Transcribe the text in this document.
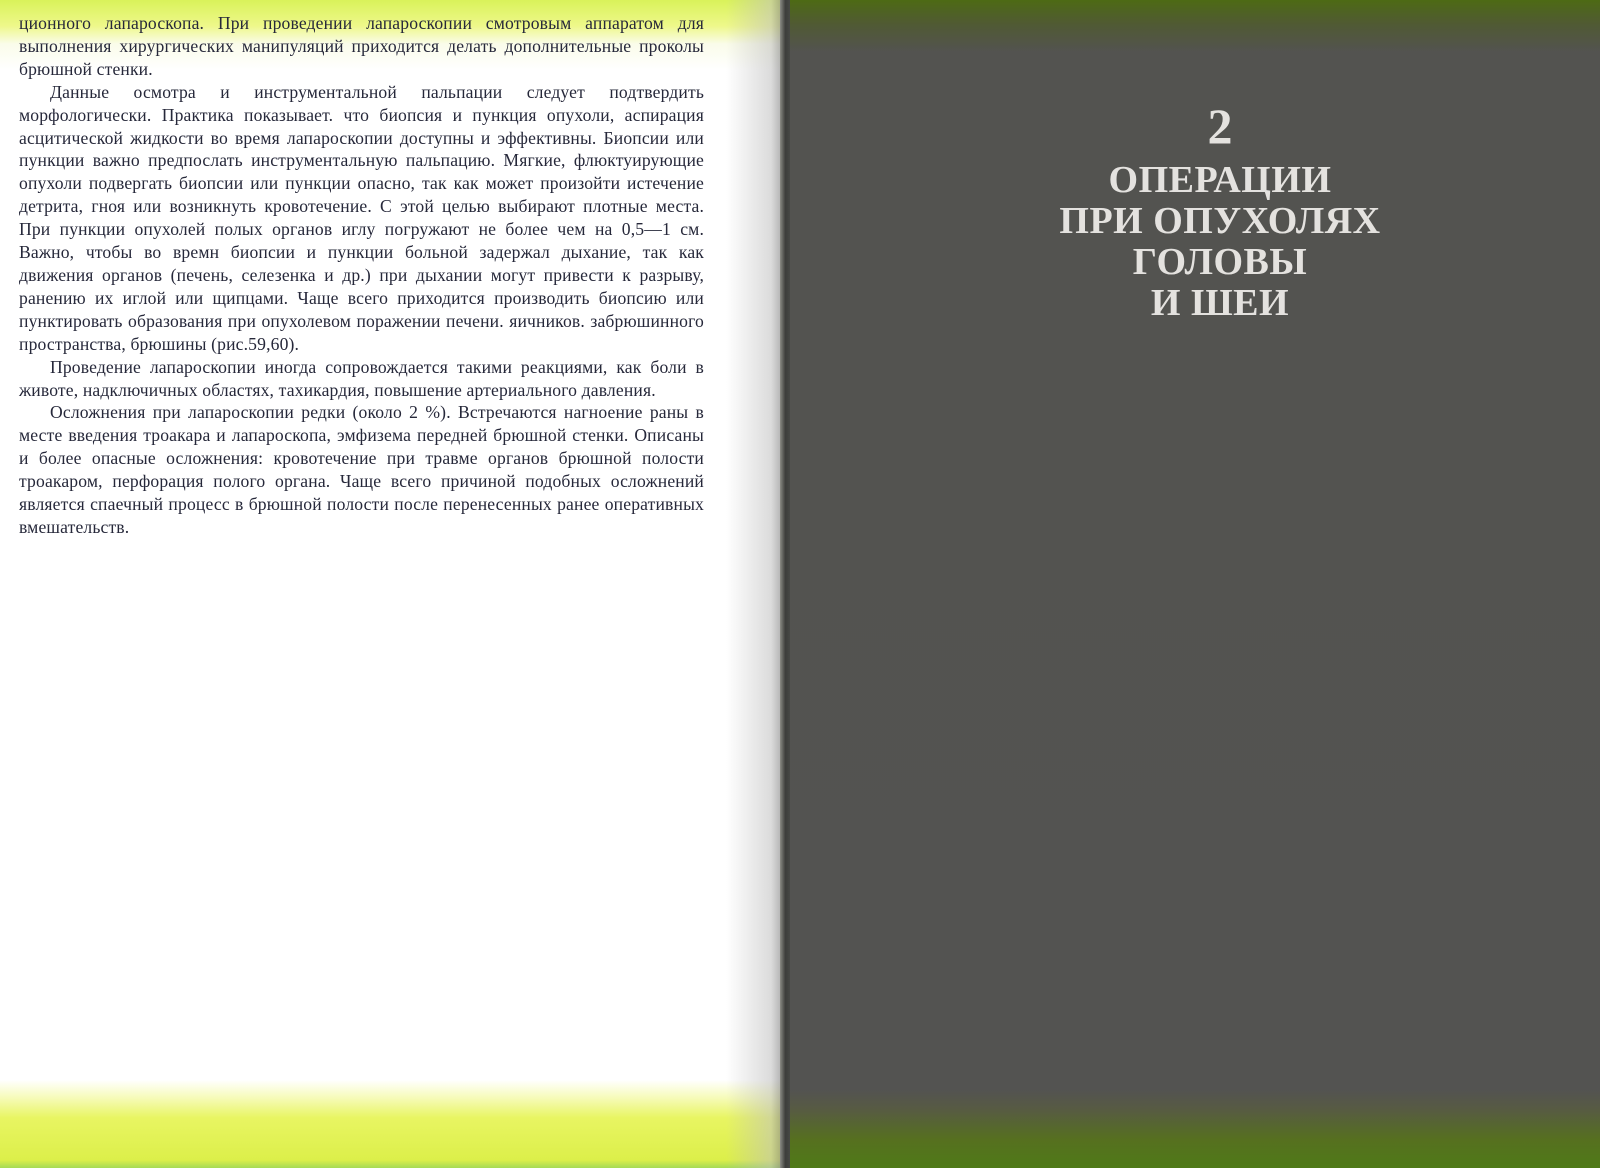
ционного лапароскопа. При проведении лапароскопии смотровым аппаратом для выполнения хирургических манипуляций приходится делать дополнительные проколы брюшной стенки.

Данные осмотра и инструментальной пальпации следует подтвердить морфологически. Практика показывает. что биопсия и пункция опухоли, аспирация асцитической жидкости во время лапароскопии доступны и эффективны. Биопсии или пункции важно предпослать инструментальную пальпацию. Мягкие, флюктуирующие опухоли подвергать биопсии или пункции опасно, так как может произойти истечение детрита, гноя или возникнуть кровотечение. С этой целью выбирают плотные места. При пункции опухолей полых органов иглу погружают не более чем на 0,5—1 см. Важно, чтобы во времн биопсии и пункции больной задержал дыхание, так как движения органов (печень, селезенка и др.) при дыхании могут привести к разрыву, ранению их иглой или щипцами. Чаще всего приходится производить биопсию или пунктировать образования при опухолевом поражении печени. яичников. забрюшинного пространства, брюшины (рис.59,60).

Проведение лапароскопии иногда сопровождается такими реакциями, как боли в животе, надключичных областях, тахикардия, повышение артериального давления.

Осложнения при лапароскопии редки (около 2 %). Встречаются нагноение раны в месте введения троакара и лапароскопа, эмфизема передней брюшной стенки. Описаны и более опасные осложнения: кровотечение при травме органов брюшной полости троакаром, перфорация полого органа. Чаще всего причиной подобных осложнений является спаечный процесс в брюшной полости после перенесенных ранее оперативных вмешательств.

2
ОПЕРАЦИИ
ПРИ ОПУХОЛЯХ
ГОЛОВЫ
И ШЕИ
